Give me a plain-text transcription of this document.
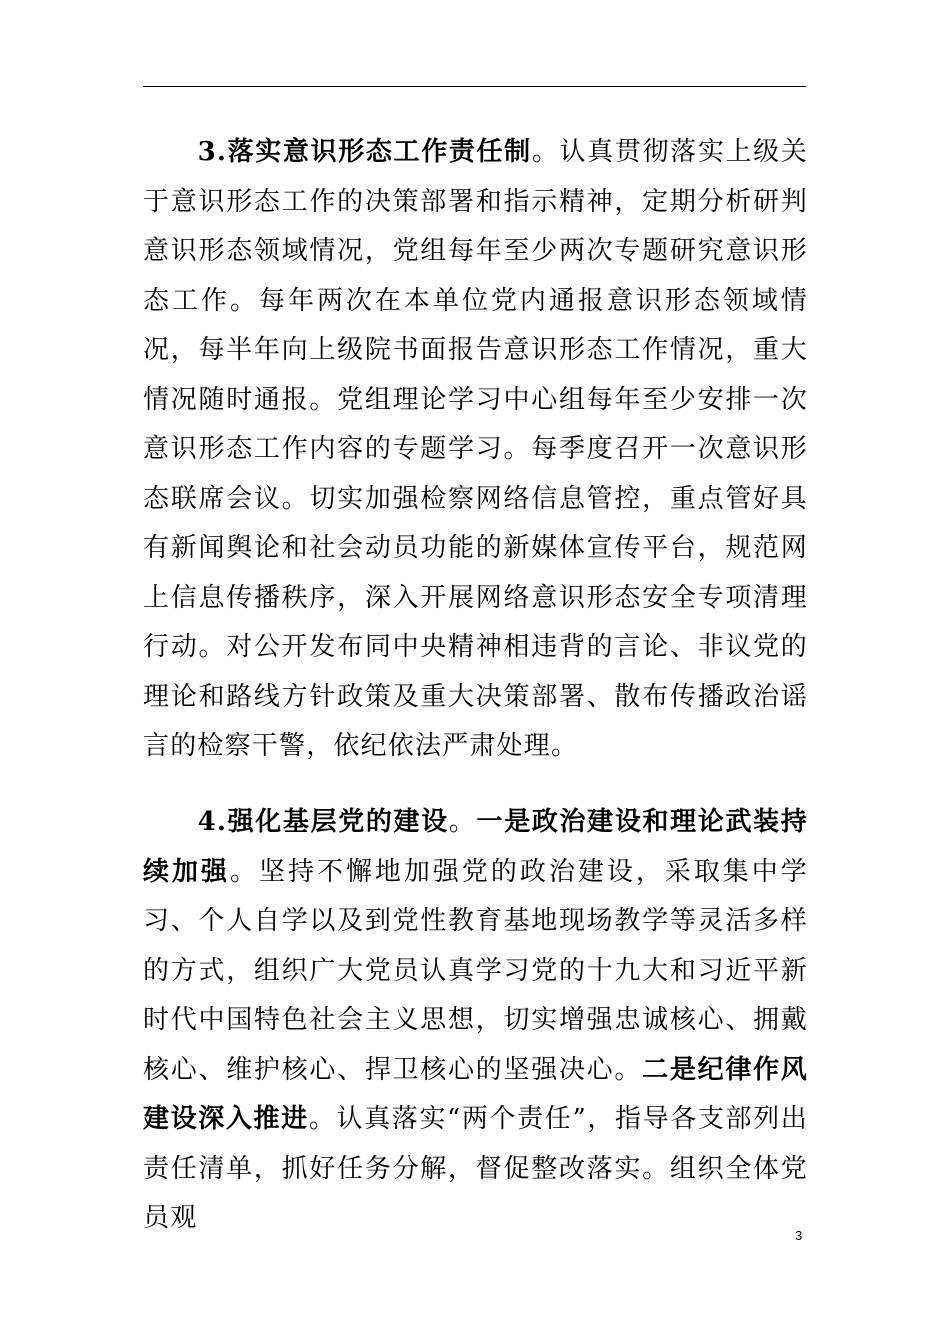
3.落实意识形态工作责任制。认真贯彻落实上级关于意识形态工作的决策部署和指示精神，定期分析研判意识形态领域情况，党组每年至少两次专题研究意识形态工作。每年两次在本单位党内通报意识形态领域情况，每半年向上级院书面报告意识形态工作情况，重大情况随时通报。党组理论学习中心组每年至少安排一次意识形态工作内容的专题学习。每季度召开一次意识形态联席会议。切实加强检察网络信息管控，重点管好具有新闻舆论和社会动员功能的新媒体宣传平台，规范网上信息传播秩序，深入开展网络意识形态安全专项清理行动。对公开发布同中央精神相违背的言论、非议党的理论和路线方针政策及重大决策部署、散布传播政治谣言的检察干警，依纪依法严肃处理。

4.强化基层党的建设。一是政治建设和理论武装持续加强。坚持不懈地加强党的政治建设，采取集中学习、个人自学以及到党性教育基地现场教学等灵活多样的方式，组织广大党员认真学习党的十九大和习近平新时代中国特色社会主义思想，切实增强忠诚核心、拥戴核心、维护核心、捍卫核心的坚强决心。二是纪律作风建设深入推进。认真落实“两个责任”，指导各支部列出责任清单，抓好任务分解，督促整改落实。组织全体党员观

3
